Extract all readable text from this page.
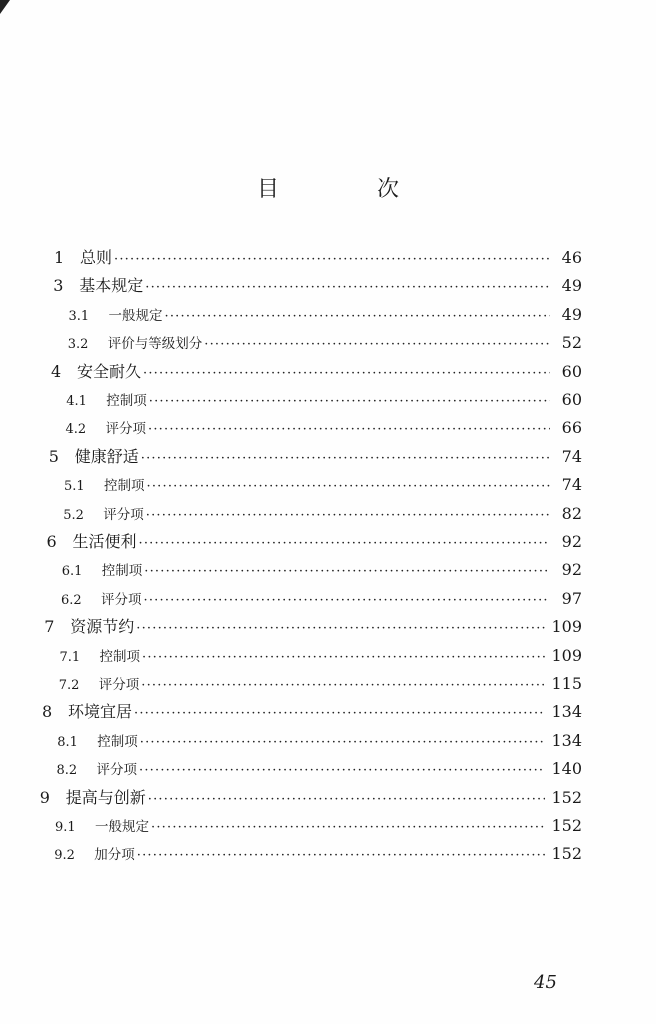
目　次
1 总则 ·····	46
3 基本规定 ·····	49
3.1	一般规定 ·····	49
3.2	评价与等级划分 ·····	52
4 安全耐久 ·····	60
4.1	控制项 ·····	60
4.2	评分项 ·····	66
5 健康舒适 ·····	74
5.1	控制项 ·····	74
5.2	评分项 ·····	82
6 生活便利 ·····	92
6.1	控制项 ·····	92
6.2	评分项 ·····	97
7 资源节约 ·····	109
7.1	控制项 ·····	109
7.2	评分项 ·····	115
8 环境宜居 ·····	134
8.1	控制项 ·····	134
8.2	评分项 ·····	140
9 提高与创新 ·····	152
9.1	一般规定 ·····	152
9.2	加分项 ·····	152
45
